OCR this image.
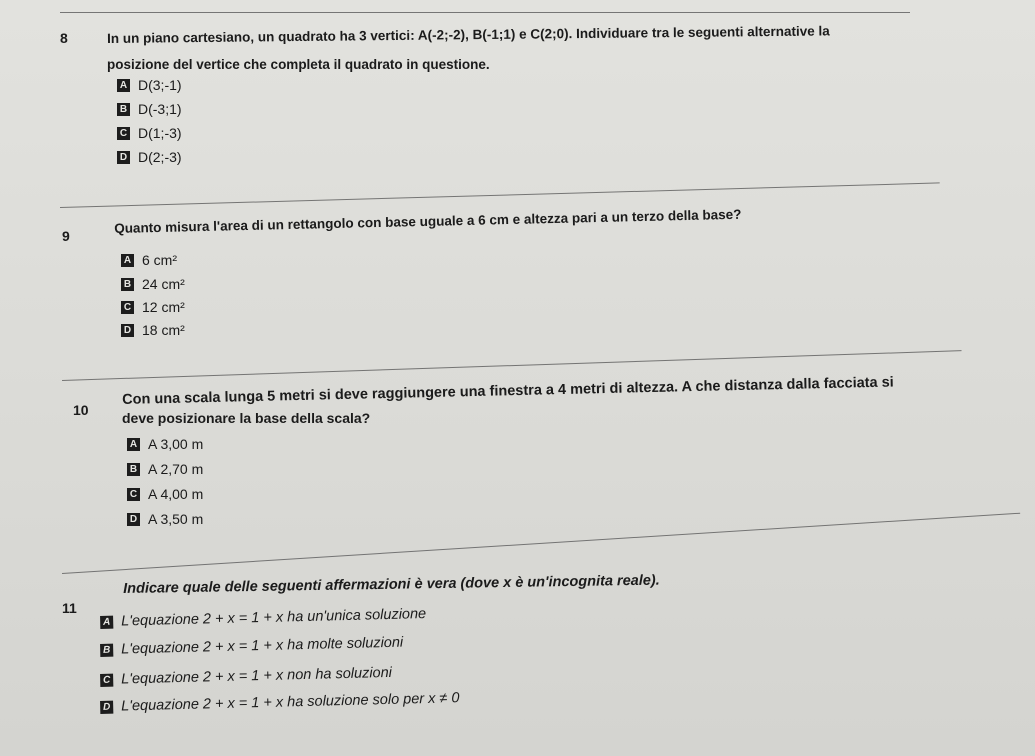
8	In un piano cartesiano, un quadrato ha 3 vertici: A(-2;-2), B(-1;1) e C(2;0). Individuare tra le seguenti alternative la
posizione del vertice che completa il quadrato in questione.
A D(3;-1)
B D(-3;1)
C D(1;-3)
D D(2;-3)
9
Quanto misura l'area di un rettangolo con base uguale a 6 cm e altezza pari a un terzo della base?
A 6 cm²
B 24 cm²
C 12 cm²
D 18 cm²
10
Con una scala lunga 5 metri si deve raggiungere una finestra a 4 metri di altezza. A che distanza dalla facciata si
deve posizionare la base della scala?
A A 3,00 m
B A 2,70 m
C A 4,00 m
D A 3,50 m
11
Indicare quale delle seguenti affermazioni è vera (dove x è un'incognita reale).
A L'equazione 2 + x = 1 + x ha un'unica soluzione
B L'equazione 2 + x = 1 + x ha molte soluzioni
C L'equazione 2 + x = 1 + x non ha soluzioni
D L'equazione 2 + x = 1 + x ha soluzione solo per x ≠ 0
